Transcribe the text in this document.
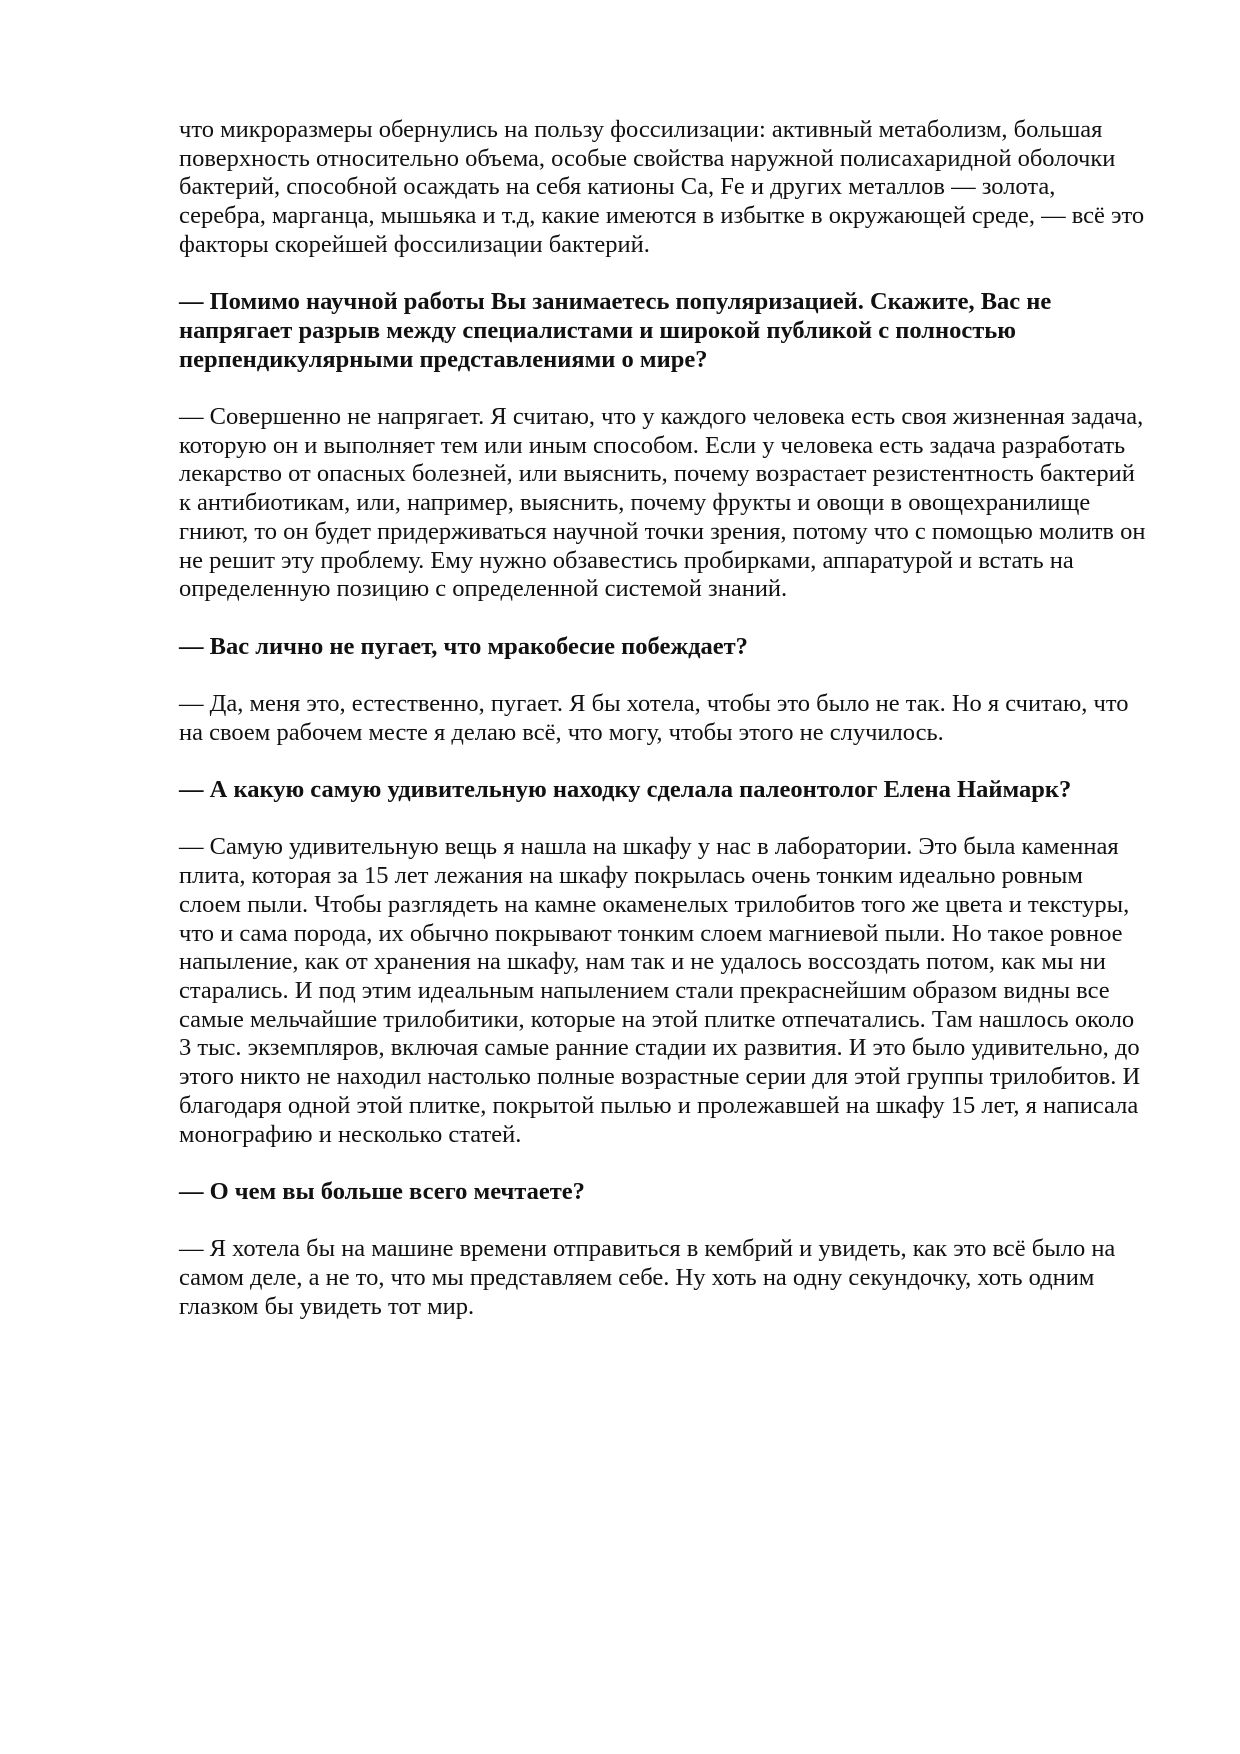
что микроразмеры обернулись на пользу фоссилизации: активный метаболизм, большая поверхность относительно объема, особые свойства наружной полисахаридной оболочки бактерий, способной осаждать на себя катионы Ca, Fe и других металлов — золота, серебра, марганца, мышьяка и т.д, какие имеются в избытке в окружающей среде, — всё это факторы скорейшей фоссилизации бактерий.

— Помимо научной работы Вы занимаетесь популяризацией. Скажите, Вас не напрягает разрыв между специалистами и широкой публикой с полностью перпендикулярными представлениями о мире?

— Совершенно не напрягает. Я считаю, что у каждого человека есть своя жизненная задача, которую он и выполняет тем или иным способом. Если у человека есть задача разработать лекарство от опасных болезней, или выяснить, почему возрастает резистентность бактерий к антибиотикам, или, например, выяснить, почему фрукты и овощи в овощехранилище гниют, то он будет придерживаться научной точки зрения, потому что с помощью молитв он не решит эту проблему. Ему нужно обзавестись пробирками, аппаратурой и встать на определенную позицию с определенной системой знаний.

— Вас лично не пугает, что мракобесие побеждает?

— Да, меня это, естественно, пугает. Я бы хотела, чтобы это было не так. Но я считаю, что на своем рабочем месте я делаю всё, что могу, чтобы этого не случилось.

— А какую самую удивительную находку сделала палеонтолог Елена Наймарк?

— Самую удивительную вещь я нашла на шкафу у нас в лаборатории. Это была каменная плита, которая за 15 лет лежания на шкафу покрылась очень тонким идеально ровным слоем пыли. Чтобы разглядеть на камне окаменелых трилобитов того же цвета и текстуры, что и сама порода, их обычно покрывают тонким слоем магниевой пыли. Но такое ровное напыление, как от хранения на шкафу, нам так и не удалось воссоздать потом, как мы ни старались. И под этим идеальным напылением стали прекраснейшим образом видны все самые мельчайшие трилобитики, которые на этой плитке отпечатались. Там нашлось около 3 тыс. экземпляров, включая самые ранние стадии их развития. И это было удивительно, до этого никто не находил настолько полные возрастные серии для этой группы трилобитов. И благодаря одной этой плитке, покрытой пылью и пролежавшей на шкафу 15 лет, я написала монографию и несколько статей.

— О чем вы больше всего мечтаете?

— Я хотела бы на машине времени отправиться в кембрий и увидеть, как это всё было на самом деле, а не то, что мы представляем себе. Ну хоть на одну секундочку, хоть одним глазком бы увидеть тот мир.
